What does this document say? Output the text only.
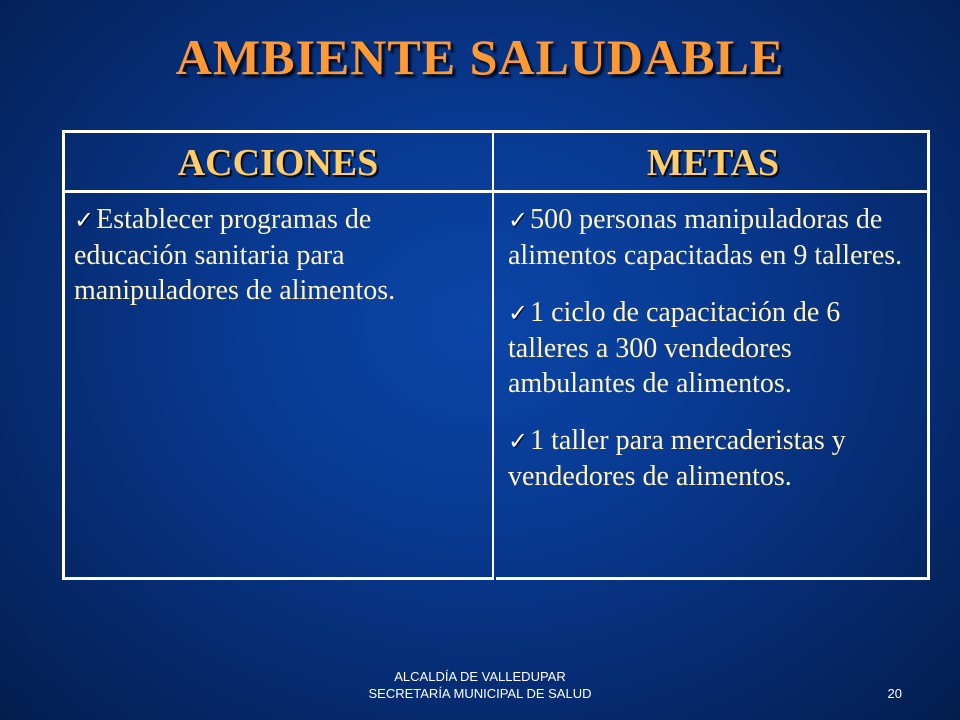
AMBIENTE SALUDABLE
ACCIONES	METAS

✓Establecer programas de educación sanitaria para manipuladores de alimentos.

✓500 personas manipuladoras de alimentos capacitadas en 9 talleres.

✓1 ciclo de capacitación de 6 talleres a 300 vendedores ambulantes de alimentos.

✓1 taller para mercaderistas y vendedores de alimentos.

ALCALDÍA DE VALLEDUPAR
SECRETARÍA MUNICIPAL DE SALUD	20
